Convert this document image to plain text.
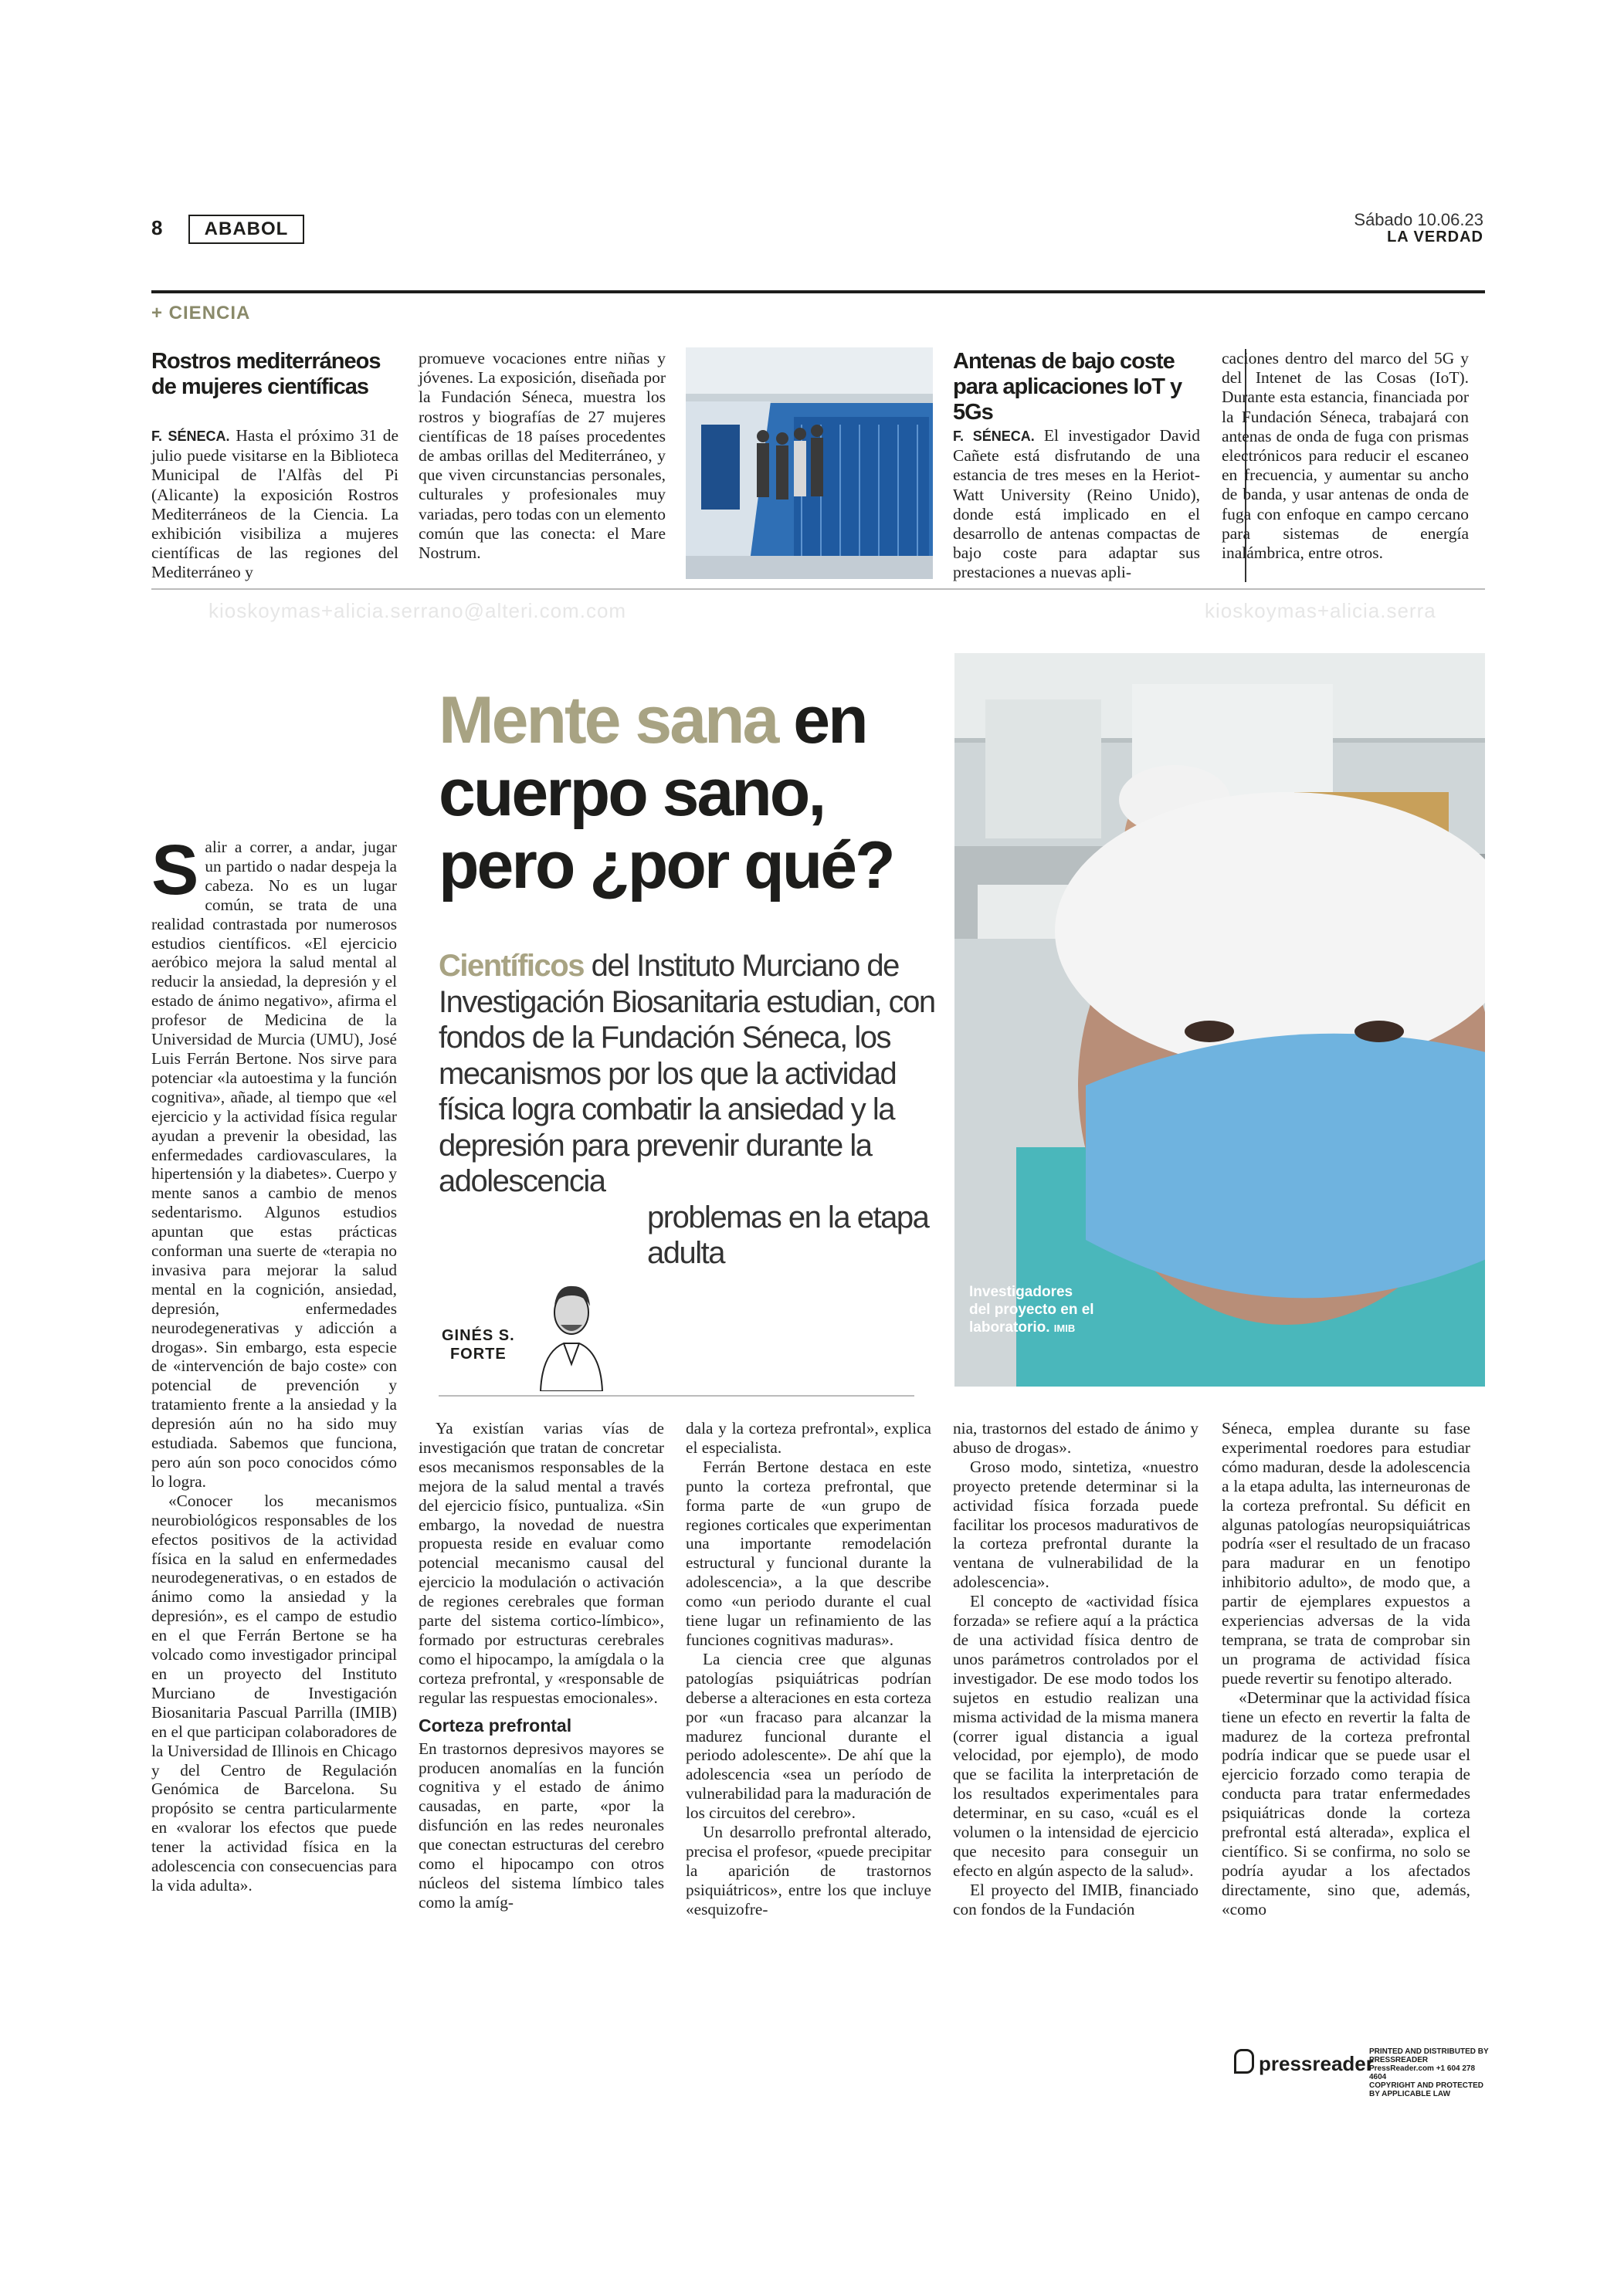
8	ABABOL	Sábado 10.06.23
LA VERDAD
+ CIENCIA
Rostros mediterráneos de mujeres científicas
F. SÉNECA. Hasta el próximo 31 de julio puede visitarse en la Biblioteca Municipal de l'Alfàs del Pi (Alicante) la exposición Rostros Mediterráneos de la Ciencia. La exhibición visibiliza a mujeres científicas de las regiones del Mediterráneo y
promueve vocaciones entre niñas y jóvenes. La exposición, diseñada por la Fundación Séneca, muestra los rostros y biografías de 27 mujeres científicas de 18 países procedentes de ambas orillas del Mediterráneo, y que viven circunstancias personales, culturales y profesionales muy variadas, pero todas con un elemento común que las conecta: el Mare Nostrum.
Antenas de bajo coste para aplicaciones IoT y 5Gs
F. SÉNECA. El investigador David Cañete está disfrutando de una estancia de tres meses en la Heriot-Watt University (Reino Unido), donde está implicado en el desarrollo de antenas compactas de bajo coste para adaptar sus prestaciones a nuevas apli-
caciones dentro del marco del 5G y del Intenet de las Cosas (IoT). Durante esta estancia, financiada por la Fundación Séneca, trabajará con antenas de onda de fuga con prismas electrónicos para reducir el escaneo en frecuencia, y aumentar su ancho de banda, y usar antenas de onda de fuga con enfoque en campo cercano para sistemas de energía inalámbrica, entre otros.
kioskoymas+alicia.serrano@alteri.com.com	kioskoymas+alicia.serra
Mente sana en cuerpo sano, pero ¿por qué?
Científicos del Instituto Murciano de Investigación Biosanitaria estudian, con fondos de la Fundación Séneca, los mecanismos por los que la actividad física logra combatir la ansiedad y la depresión para prevenir durante la adolescencia
problemas en la etapa adulta
GINÉS S.
FORTE
Investigadores
del proyecto en el
laboratorio. IMIB

Salir a correr, a andar, jugar un partido o nadar despeja la cabeza. No es un lugar común, se trata de una realidad contrastada por numerosos estudios científicos. «El ejercicio aeróbico mejora la salud mental al reducir la ansiedad, la depresión y el estado de ánimo negativo», afirma el profesor de Medicina de la Universidad de Murcia (UMU), José Luis Ferrán Bertone. Nos sirve para potenciar «la autoestima y la función cognitiva», añade, al tiempo que «el ejercicio y la actividad física regular ayudan a prevenir la obesidad, las enfermedades cardiovasculares, la hipertensión y la diabetes». Cuerpo y mente sanos a cambio de menos sedentarismo. Algunos estudios apuntan que estas prácticas conforman una suerte de «terapia no invasiva para mejorar la salud mental en la cognición, ansiedad, depresión, enfermedades neurodegenerativas y adicción a drogas». Sin embargo, esta especie de «intervención de bajo coste» con potencial de prevención y tratamiento frente a la ansiedad y la depresión aún no ha sido muy estudiada. Sabemos que funciona, pero aún son poco conocidos cómo lo logra.

«Conocer los mecanismos neurobiológicos responsables de los efectos positivos de la actividad física en la salud en enfermedades neurodegenerativas, o en estados de ánimo como la ansiedad y la depresión», es el campo de estudio en el que Ferrán Bertone se ha volcado como investigador principal en un proyecto del Instituto Murciano de Investigación Biosanitaria Pascual Parrilla (IMIB) en el que participan colaboradores de la Universidad de Illinois en Chicago y del Centro de Regulación Genómica de Barcelona. Su propósito se centra particularmente en «valorar los efectos que puede tener la actividad física en la adolescencia con consecuencias para la vida adulta».

Ya existían varias vías de investigación que tratan de concretar esos mecanismos responsables de la mejora de la salud mental a través del ejercicio físico, puntualiza. «Sin embargo, la novedad de nuestra propuesta reside en evaluar como potencial mecanismo causal del ejercicio la modulación o activación de regiones cerebrales que forman parte del sistema cortico-límbico», formado por estructuras cerebrales como el hipocampo, la amígdala o la corteza prefrontal, y «responsable de regular las respuestas emocionales».

Corteza prefrontal

En trastornos depresivos mayores se producen anomalías en la función cognitiva y el estado de ánimo causadas, en parte, «por la disfunción en las redes neuronales que conectan estructuras del cerebro como el hipocampo con otros núcleos del sistema límbico tales como la amíg-

dala y la corteza prefrontal», explica el especialista.

Ferrán Bertone destaca en este punto la corteza prefrontal, que forma parte de «un grupo de regiones corticales que experimentan una importante remodelación estructural y funcional durante la adolescencia», a la que describe como «un periodo durante el cual tiene lugar un refinamiento de las funciones cognitivas maduras».

La ciencia cree que algunas patologías psiquiátricas podrían deberse a alteraciones en esta corteza por «un fracaso para alcanzar la madurez funcional durante el periodo adolescente». De ahí que la adolescencia «sea un período de vulnerabilidad para la maduración de los circuitos del cerebro».

Un desarrollo prefrontal alterado, precisa el profesor, «puede precipitar la aparición de trastornos psiquiátricos», entre los que incluye «esquizofre-

nia, trastornos del estado de ánimo y abuso de drogas».

Groso modo, sintetiza, «nuestro proyecto pretende determinar si la actividad física forzada puede facilitar los procesos madurativos de la corteza prefrontal durante la ventana de vulnerabilidad de la adolescencia».

El concepto de «actividad física forzada» se refiere aquí a la práctica de una actividad física dentro de unos parámetros controlados por el investigador. De ese modo todos los sujetos en estudio realizan una misma actividad de la misma manera (correr igual distancia a igual velocidad, por ejemplo), de modo que se facilita la interpretación de los resultados experimentales para determinar, en su caso, «cuál es el volumen o la intensidad de ejercicio que necesito para conseguir un efecto en algún aspecto de la salud».

El proyecto del IMIB, financiado con fondos de la Fundación

Séneca, emplea durante su fase experimental roedores para estudiar cómo maduran, desde la adolescencia a la etapa adulta, las interneuronas de la corteza prefrontal. Su déficit en algunas patologías neuropsiquiátricas podría «ser el resultado de un fracaso para madurar en un fenotipo inhibitorio adulto», de modo que, a partir de ejemplares expuestos a experiencias adversas de la vida temprana, se trata de comprobar sin un programa de actividad física puede revertir su fenotipo alterado.

«Determinar que la actividad física tiene un efecto en revertir la falta de madurez de la corteza prefrontal podría indicar que se puede usar el ejercicio forzado como terapia de conducta para tratar enfermedades psiquiátricas donde la corteza prefrontal está alterada», explica el científico. Si se confirma, no solo se podría ayudar a los afectados directamente, sino que, además, «como

pressreader
PRINTED AND DISTRIBUTED BY PRESSREADER
PressReader.com +1 604 278 4604
COPYRIGHT AND PROTECTED BY APPLICABLE LAW
